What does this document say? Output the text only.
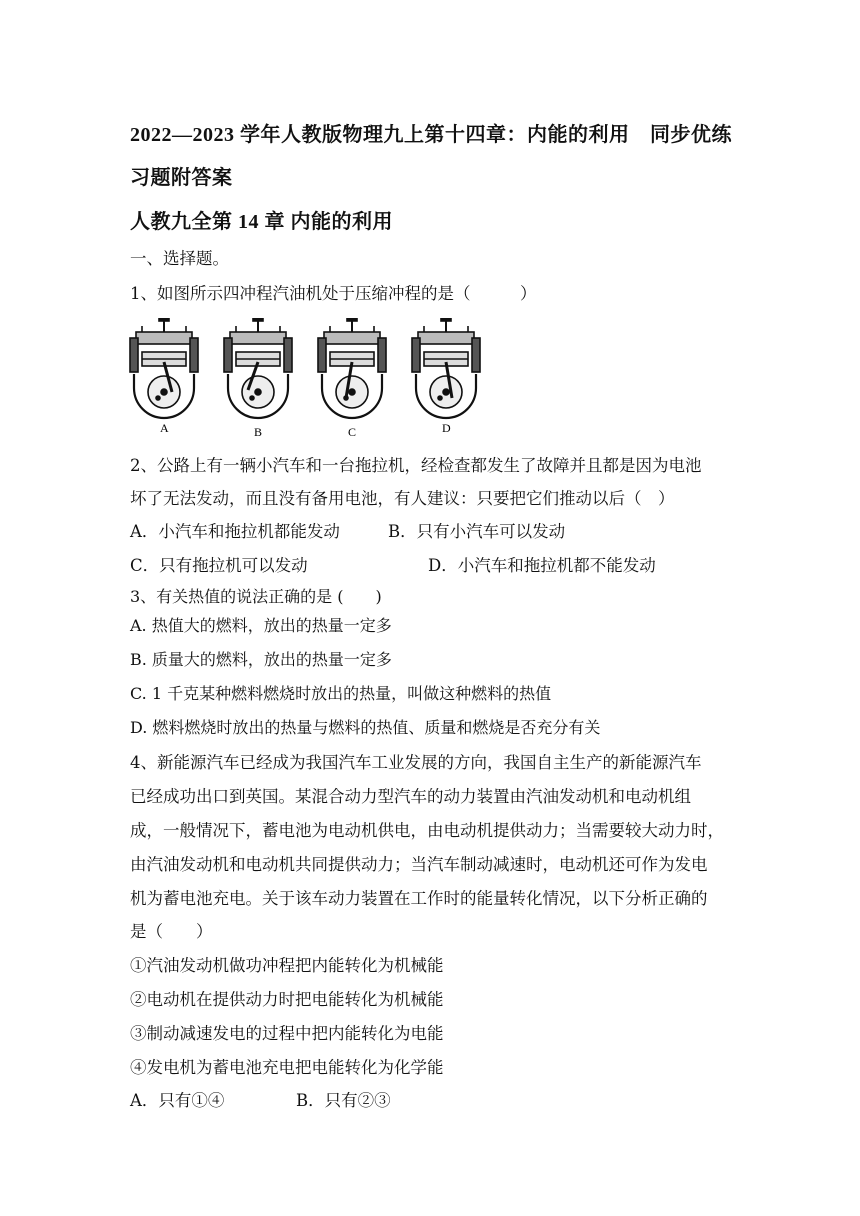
2022—2023 学年人教版物理九上第十四章：内能的利用　同步优练
习题附答案
人教九全第 14 章 内能的利用
一、选择题。
1、如图所示四冲程汽油机处于压缩冲程的是（　　　）
A	B	C	D
2、公路上有一辆小汽车和一台拖拉机，经检查都发生了故障并且都是因为电池
坏了无法发动，而且没有备用电池，有人建议：只要把它们推动以后（　）
A．小汽车和拖拉机都能发动	B．只有小汽车可以发动
C．只有拖拉机可以发动	D．小汽车和拖拉机都不能发动
3、有关热值的说法正确的是 (　　)
A. 热值大的燃料，放出的热量一定多
B. 质量大的燃料，放出的热量一定多
C. 1 千克某种燃料燃烧时放出的热量，叫做这种燃料的热值
D. 燃料燃烧时放出的热量与燃料的热值、质量和燃烧是否充分有关
4、新能源汽车已经成为我国汽车工业发展的方向，我国自主生产的新能源汽车
已经成功出口到英国。某混合动力型汽车的动力装置由汽油发动机和电动机组
成，一般情况下，蓄电池为电动机供电，由电动机提供动力；当需要较大动力时，
由汽油发动机和电动机共同提供动力；当汽车制动减速时，电动机还可作为发电
机为蓄电池充电。关于该车动力装置在工作时的能量转化情况，以下分析正确的
是（　　）
①汽油发动机做功冲程把内能转化为机械能
②电动机在提供动力时把电能转化为机械能
③制动减速发电的过程中把内能转化为电能
④发电机为蓄电池充电把电能转化为化学能
A．只有①④	B．只有②③
